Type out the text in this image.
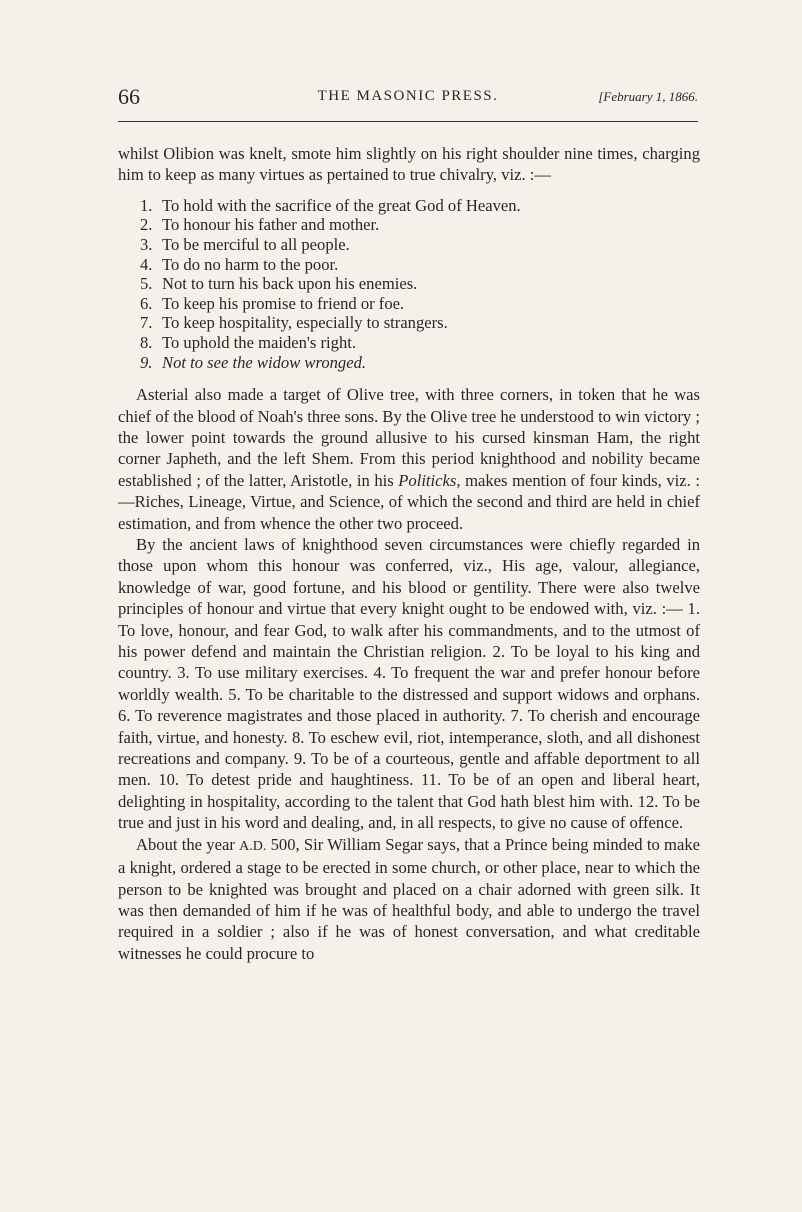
66	THE MASONIC PRESS.	[February 1, 1866.

whilst Olibion was knelt, smote him slightly on his right shoulder nine times, charging him to keep as many virtues as pertained to true chivalry, viz. :—

1. To hold with the sacrifice of the great God of Heaven.
2. To honour his father and mother.
3. To be merciful to all people.
4. To do no harm to the poor.
5. Not to turn his back upon his enemies.
6. To keep his promise to friend or foe.
7. To keep hospitality, especially to strangers.
8. To uphold the maiden's right.
9. Not to see the widow wronged.

Asterial also made a target of Olive tree, with three corners, in token that he was chief of the blood of Noah's three sons. By the Olive tree he understood to win victory ; the lower point towards the ground allusive to his cursed kinsman Ham, the right corner Japheth, and the left Shem. From this period knighthood and nobility became established ; of the latter, Aristotle, in his Politicks, makes mention of four kinds, viz. :—Riches, Lineage, Virtue, and Science, of which the second and third are held in chief estimation, and from whence the other two proceed.

By the ancient laws of knighthood seven circumstances were chiefly regarded in those upon whom this honour was conferred, viz., His age, valour, allegiance, knowledge of war, good fortune, and his blood or gentility. There were also twelve principles of honour and virtue that every knight ought to be endowed with, viz. :— 1. To love, honour, and fear God, to walk after his commandments, and to the utmost of his power defend and maintain the Christian religion. 2. To be loyal to his king and country. 3. To use military exercises. 4. To frequent the war and prefer honour before worldly wealth. 5. To be charitable to the distressed and support widows and orphans. 6. To reverence magistrates and those placed in authority. 7. To cherish and encourage faith, virtue, and honesty. 8. To eschew evil, riot, intemperance, sloth, and all dishonest recreations and company. 9. To be of a courteous, gentle and affable deportment to all men. 10. To detest pride and haughtiness. 11. To be of an open and liberal heart, delighting in hospitality, according to the talent that God hath blest him with. 12. To be true and just in his word and dealing, and, in all respects, to give no cause of offence.

About the year A.D. 500, Sir William Segar says, that a Prince being minded to make a knight, ordered a stage to be erected in some church, or other place, near to which the person to be knighted was brought and placed on a chair adorned with green silk. It was then demanded of him if he was of healthful body, and able to undergo the travel required in a soldier ; also if he was of honest conversation, and what creditable witnesses he could procure to
